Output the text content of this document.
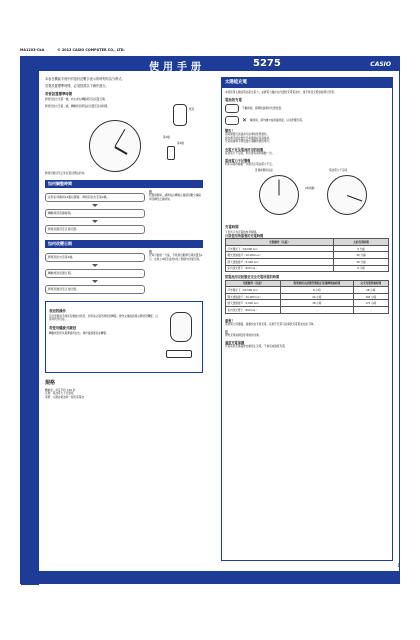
MA1203-CkA	© 2012 CASIO COMPUTER CO., LTD.
使用手册	5275	CASIO
本表在機能手冊中的指針及數字表示的時刻均為分辨式。
若要設置標準時間，必須按照以下操作進行。
若要設置標準時間
將錶冠拉出至第一檔，向左或右轉動錶冠以設置日期。
將錶冠拉出至第二檔，轉動錶冠將指針設置至目前時間。
錶冠
第1檔
第2檔
將錶冠推回至正常位置以開始計時。
如何調整時間
在秒針移動到12點位置時，將錶冠拉出至第2檔。
轉動錶冠設置時間。
將錶冠推回至正常位置。
注
設置時間時，請將指針轉過正確時刻數分鐘後再回轉至正確時刻。
如何改變日期
將錶冠拉出至第1檔。
轉動錶冠設置日期。
將錶冠推回至正常位置。
注
在每月最後一天後，手錶會自動將日期設置為1日。在晚上9時至凌晨1時之間請勿改變日期。
表冠的操作
有些型號的手錶具有螺旋式錶冠，使用前必須先將錶冠轉鬆。操作完畢後請務必將錶冠轉緊，以保持防水性能。
若使用螺旋式錶冠
轉動錶冠使其鬆開後再拉出。操作後請推回並轉緊。
規格
精確度：每月平均 ±20 秒
其他：電池電力不足警報
電源：太陽能電池和一個充電電池
太陽能充電
本錶使用太陽能電池產生電力，並將電力儲存在內置的充電電池中。當手錶受光照射時即可充電。
電池的充電
不戴錶時，請將錶面朝向光源放置。
✕ 戴錶時，請勿讓衣袖遮蓋錶面，以免影響充電。
警告！
長時間置於高溫處可能導致錶殼變色。
請勿將手錶放置於汽車儀錶板等高溫處。
充電時請將手錶放置於遠離熱源的地方。
充電不足及電池用完的狀態
電池電力不足時，秒針會每兩秒跳動一次。
電池電力不足警報
秒針每兩秒跳動一次時表示電池電力不足。
普通時間的指針	電池電力不足時
2秒跳動
充電時間
下表所示為充電的參考時間。
日常使用所需要的充電時間
光照條件（亮度）	大約充電時間
戶外陽光下（50,000 lux）	8 分鐘
陽光透過窗戶（10,000 lux）	30 分鐘
陰天透過窗戶（5,000 lux）	48 分鐘
室內熒光燈下（500 lux）	8 小時
從電池用完狀態至完全充電所需的時間
光照條件（亮度）	從電池用完狀態至開始正常運轉所需時間	完全充電所需時間
戶外陽光下（50,000 lux）	8 小時	28 小時
陽光透過窗戶（10,000 lux）	24 小時	100 小時
陰天透過窗戶（5,000 lux）	38 小時	172 小時
室內熒光燈下（500 lux）	－	－
重要！
電池電力用盡後，請盡快為手錶充電。長期不充電可能導致充電電池性能下降。
注
實際充電時間因使用條件而異。
過度充電保護
充電電池充滿後會自動停止充電，不會造成過度充電。
1
